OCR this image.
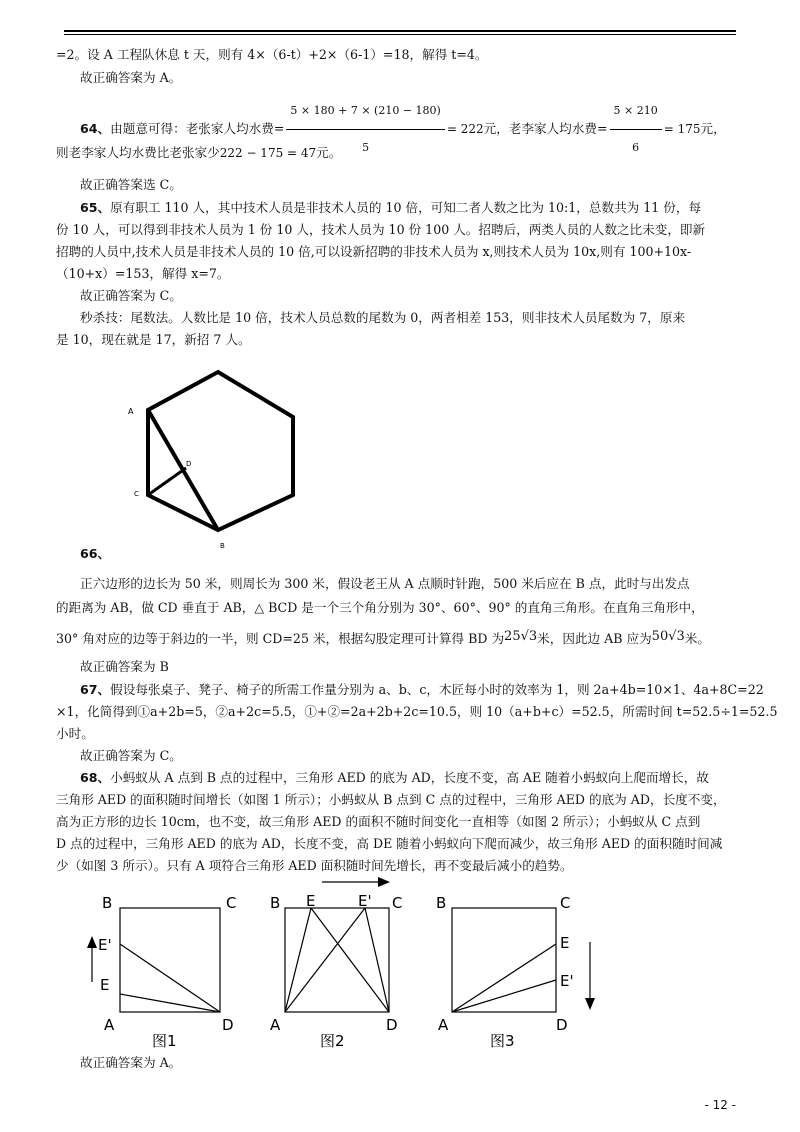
=2。设 A 工程队休息 t 天，则有 4×（6-t）+2×（6-1）=18，解得 t=4。
故正确答案为 A。
64、由题意可得：老张家人均水费= $\frac{5 \times 180 + 7 \times (210 - 180)}{5} = 222$元，老李家人均水费= $\frac{5 \times 210}{6} = 175$元，
则老李家人均水费比老张家少222 − 175 = 47元。
故正确答案选 C。
65、原有职工 110 人，其中技术人员是非技术人员的 10 倍，可知二者人数之比为 10:1，总数共为 11 份，每
份 10 人，可以得到非技术人员为 1 份 10 人，技术人员为 10 份 100 人。招聘后，两类人员的人数之比未变，即新
招聘的人员中,技术人员是非技术人员的 10 倍,可以设新招聘的非技术人员为 x,则技术人员为 10x,则有 100+10x-
（10+x）=153，解得 x=7。
故正确答案为 C。
秒杀技：尾数法。人数比是 10 倍，技术人员总数的尾数为 0，两者相差 153，则非技术人员尾数为 7，原来
是 10，现在就是 17，新招 7 人。
A
D
C
B
66、
正六边形的边长为 50 米，则周长为 300 米，假设老王从 A 点顺时针跑，500 米后应在 B 点，此时与出发点
的距离为 AB，做 CD 垂直于 AB，△ BCD 是一个三个角分别为 30°、60°、90° 的直角三角形。在直角三角形中，
30° 角对应的边等于斜边的一半，则 CD=25 米，根据勾股定理可计算得 BD 为25√3米，因此边 AB 应为50√3米。
故正确答案为 B
67、假设每张桌子、凳子、椅子的所需工作量分别为 a、b、c，木匠每小时的效率为 1，则 2a+4b=10×1、4a+8C=22
×1，化简得到①a+2b=5，②a+2c=5.5，①+②=2a+2b+2c=10.5，则 10（a+b+c）=52.5，所需时间 t=52.5÷1=52.5
小时。
故正确答案为 C。
68、小蚂蚁从 A 点到 B 点的过程中，三角形 AED 的底为 AD，长度不变，高 AE 随着小蚂蚁向上爬而增长，故
三角形 AED 的面积随时间增长（如图 1 所示）；小蚂蚁从 B 点到 C 点的过程中，三角形 AED 的底为 AD，长度不变，
高为正方形的边长 10cm，也不变，故三角形 AED 的面积不随时间变化一直相等（如图 2 所示）；小蚂蚁从 C 点到
D 点的过程中，三角形 AED 的底为 AD，长度不变，高 DE 随着小蚂蚁向下爬而减少，故三角形 AED 的面积随时间减
少（如图 3 所示）。只有 A 项符合三角形 AED 面积随时间先增长，再不变最后减小的趋势。
B	C
E'
E
A	D
图1
B E	E' C
A	D
图2
B	C
E
E'
A	D
图3
故正确答案为 A。
- 12 -
